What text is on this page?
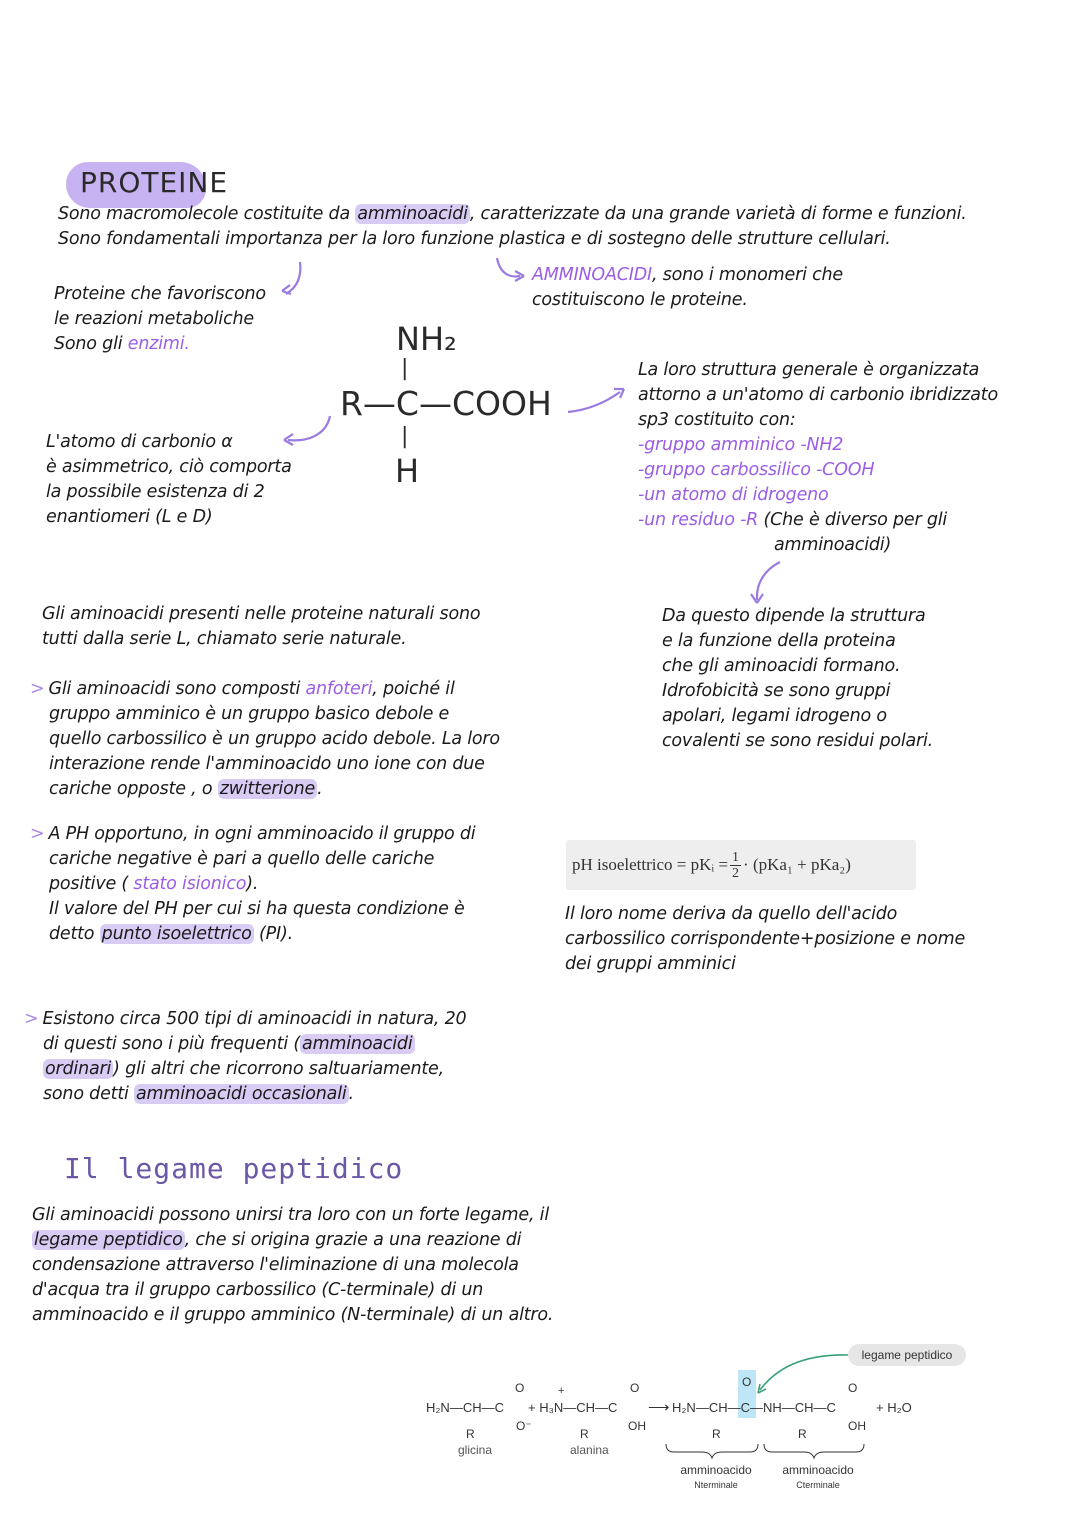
PROTEINE
Sono macromolecole costituite da amminoacidi , caratterizzate da una grande varietà di forme e funzioni.
Sono fondamentali importanza per la loro funzione plastica e di sostegno delle strutture cellulari.
Proteine che favoriscono
le reazioni metaboliche
Sono gli enzimi.
AMMINOACIDI, sono i monomeri che
costituiscono le proteine.
NH₂
|
R—C—COOH
|
H
L'atomo di carbonio α
è asimmetrico, ciò comporta
la possibile esistenza di 2
enantiomeri (L e D)
La loro struttura generale è organizzata
attorno a un'atomo di carbonio ibridizzato
sp3 costituito con:
-gruppo amminico -NH2
-gruppo carbossilico -COOH
-un atomo di idrogeno
-un residuo -R (Che è diverso per gli
amminoacidi)
Da questo dipende la struttura
e la funzione della proteina
che gli aminoacidi formano.
Idrofobicità se sono gruppi
apolari, legami idrogeno o
covalenti se sono residui polari.
Gli aminoacidi presenti nelle proteine naturali sono
tutti dalla serie L, chiamato serie naturale.
> Gli aminoacidi sono composti anfoteri, poiché il
gruppo amminico è un gruppo basico debole e
quello carbossilico è un gruppo acido debole. La loro
interazione rende l'amminoacido uno ione con due
cariche opposte , o zwitterione .
> A PH opportuno, in ogni amminoacido il gruppo di
cariche negative è pari a quello delle cariche
positive ( stato isionico).
Il valore del PH per cui si ha questa condizione è
detto punto isoelettrico (PI).
pH isoelettrico = pKᵢ = $\frac{1}{2} \cdot (pKa_1 + pKa_2)$
Il loro nome deriva da quello dell'acido
carbossilico corrispondente+posizione e nome
dei gruppi amminici
> Esistono circa 500 tipi di aminoacidi in natura, 20
di questi sono i più frequenti ( amminoacidi
ordinari ) gli altri che ricorrono saltuariamente,
sono detti amminoacidi occasionali .
Il legame peptidico
Gli aminoacidi possono unirsi tra loro con un forte legame, il
legame peptidico , che si origina grazie a una reazione di
condensazione attraverso l'eliminazione di una molecola
d'acqua tra il gruppo carbossilico (C-terminale) di un
amminoacido e il gruppo amminico (N-terminale) di un altro.
legame peptidico
H₂N—CH—C
O
O⁻
R
glicina
+
+ H₃N—CH—C
O
OH
R
alanina
⟶ H₂N—CH—C—NH—CH—C
O	O
OH
R	R
+ H₂O
amminoacido
Nterminale
amminoacido
Cterminale
